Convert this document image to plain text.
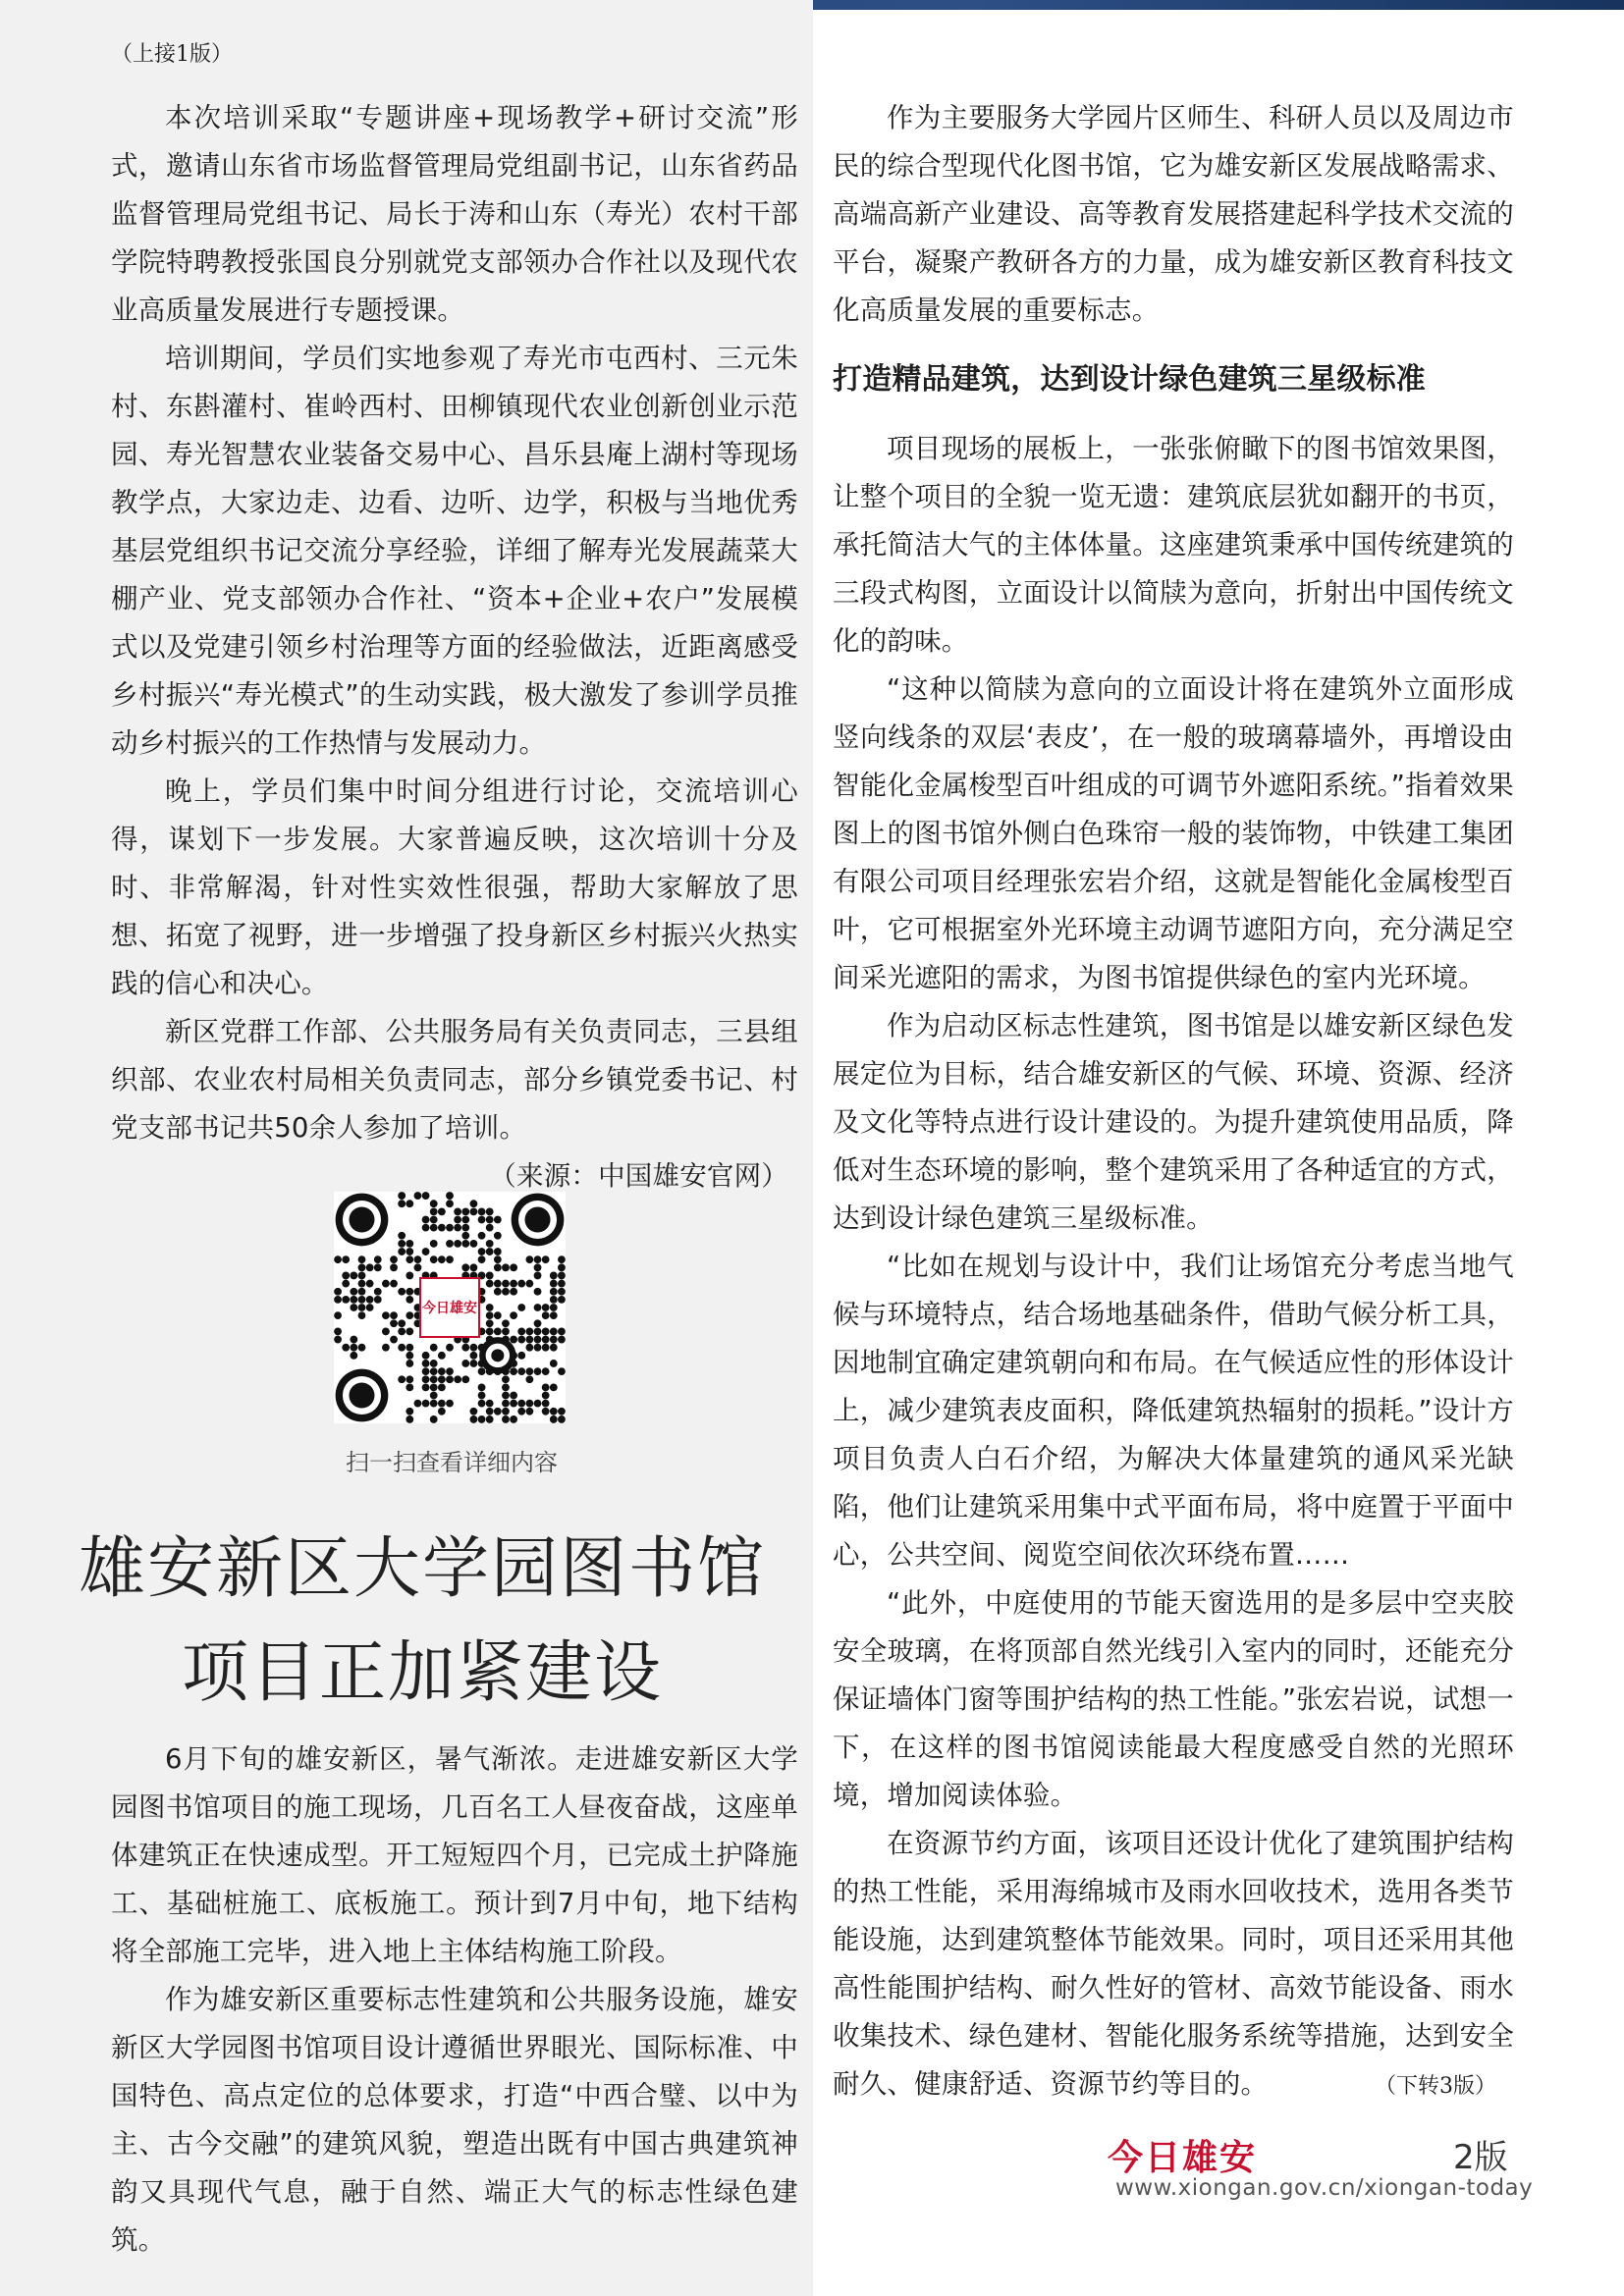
（上接1版）

本次培训采取“专题讲座+现场教学+研讨交流”形式，邀请山东省市场监督管理局党组副书记，山东省药品监督管理局党组书记、局长于涛和山东（寿光）农村干部学院特聘教授张国良分别就党支部领办合作社以及现代农业高质量发展进行专题授课。

培训期间，学员们实地参观了寿光市屯西村、三元朱村、东斟灌村、崔岭西村、田柳镇现代农业创新创业示范园、寿光智慧农业装备交易中心、昌乐县庵上湖村等现场教学点，大家边走、边看、边听、边学，积极与当地优秀基层党组织书记交流分享经验，详细了解寿光发展蔬菜大棚产业、党支部领办合作社、“资本+企业+农户”发展模式以及党建引领乡村治理等方面的经验做法，近距离感受乡村振兴“寿光模式”的生动实践，极大激发了参训学员推动乡村振兴的工作热情与发展动力。

晚上，学员们集中时间分组进行讨论，交流培训心得，谋划下一步发展。大家普遍反映，这次培训十分及时、非常解渴，针对性实效性很强，帮助大家解放了思想、拓宽了视野，进一步增强了投身新区乡村振兴火热实践的信心和决心。

新区党群工作部、公共服务局有关负责同志，三县组织部、农业农村局相关负责同志，部分乡镇党委书记、村党支部书记共50余人参加了培训。

（来源：中国雄安官网）

今日雄安
扫一扫查看详细内容
雄安新区大学园图书馆
项目正加紧建设

6月下旬的雄安新区，暑气渐浓。走进雄安新区大学园图书馆项目的施工现场，几百名工人昼夜奋战，这座单体建筑正在快速成型。开工短短四个月，已完成土护降施工、基础桩施工、底板施工。预计到7月中旬，地下结构将全部施工完毕，进入地上主体结构施工阶段。

作为雄安新区重要标志性建筑和公共服务设施，雄安新区大学园图书馆项目设计遵循世界眼光、国际标准、中国特色、高点定位的总体要求，打造“中西合璧、以中为主、古今交融”的建筑风貌，塑造出既有中国古典建筑神韵又具现代气息，融于自然、端正大气的标志性绿色建筑。

作为主要服务大学园片区师生、科研人员以及周边市民的综合型现代化图书馆，它为雄安新区发展战略需求、高端高新产业建设、高等教育发展搭建起科学技术交流的平台，凝聚产教研各方的力量，成为雄安新区教育科技文化高质量发展的重要标志。

打造精品建筑，达到设计绿色建筑三星级标准

项目现场的展板上，一张张俯瞰下的图书馆效果图，让整个项目的全貌一览无遗：建筑底层犹如翻开的书页，承托简洁大气的主体体量。这座建筑秉承中国传统建筑的三段式构图，立面设计以简牍为意向，折射出中国传统文化的韵味。

“这种以简牍为意向的立面设计将在建筑外立面形成竖向线条的双层‘表皮’，在一般的玻璃幕墙外，再增设由智能化金属梭型百叶组成的可调节外遮阳系统。”指着效果图上的图书馆外侧白色珠帘一般的装饰物，中铁建工集团有限公司项目经理张宏岩介绍，这就是智能化金属梭型百叶，它可根据室外光环境主动调节遮阳方向，充分满足空间采光遮阳的需求，为图书馆提供绿色的室内光环境。

作为启动区标志性建筑，图书馆是以雄安新区绿色发展定位为目标，结合雄安新区的气候、环境、资源、经济及文化等特点进行设计建设的。为提升建筑使用品质，降低对生态环境的影响，整个建筑采用了各种适宜的方式，达到设计绿色建筑三星级标准。

“比如在规划与设计中，我们让场馆充分考虑当地气候与环境特点，结合场地基础条件，借助气候分析工具，因地制宜确定建筑朝向和布局。在气候适应性的形体设计上，减少建筑表皮面积，降低建筑热辐射的损耗。”设计方项目负责人白石介绍，为解决大体量建筑的通风采光缺陷，他们让建筑采用集中式平面布局，将中庭置于平面中心，公共空间、阅览空间依次环绕布置……

“此外，中庭使用的节能天窗选用的是多层中空夹胶安全玻璃，在将顶部自然光线引入室内的同时，还能充分保证墙体门窗等围护结构的热工性能。”张宏岩说，试想一下，在这样的图书馆阅读能最大程度感受自然的光照环境，增加阅读体验。

在资源节约方面，该项目还设计优化了建筑围护结构的热工性能，采用海绵城市及雨水回收技术，选用各类节能设施，达到建筑整体节能效果。同时，项目还采用其他高性能围护结构、耐久性好的管材、高效节能设备、雨水收集技术、绿色建材、智能化服务系统等措施，达到安全耐久、健康舒适、资源节约等目的。	（下转3版）
今日雄安	2版
www.xiongan.gov.cn/xiongan-today
